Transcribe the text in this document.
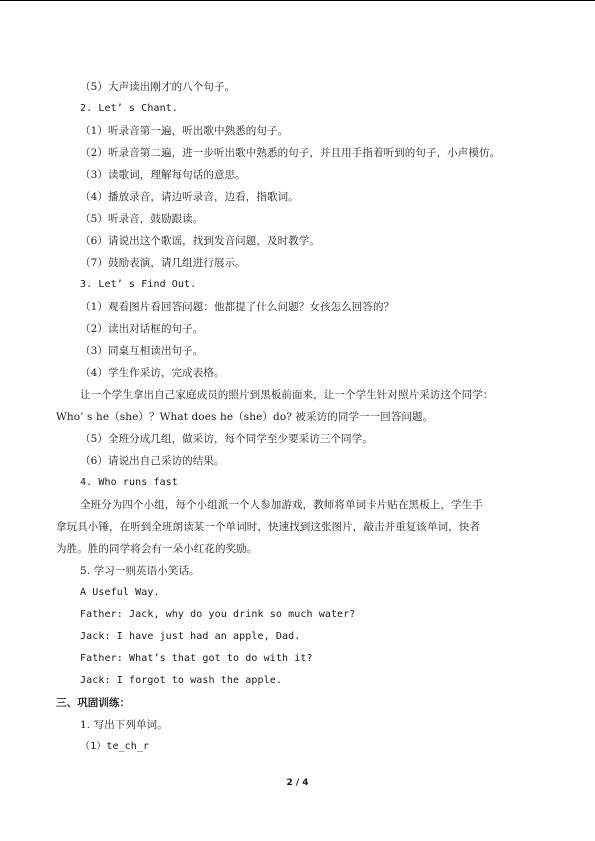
（5）大声读出刚才的八个句子。
2. Let’ s Chant.
（1）听录音第一遍，听出歌中熟悉的句子。
（2）听录音第二遍，进一步听出歌中熟悉的句子，并且用手指着听到的句子，小声模仿。
（3）读歌词，理解每句话的意思。
（4）播放录音，请边听录音，边看，指歌词。
（5）听录音，鼓励跟读。
（6）请说出这个歌谣，找到发音问题，及时教学。
（7）鼓励表演，请几组进行展示。
3. Let’ s Find Out.
（1）观看图片看回答问题：他都提了什么问题？女孩怎么回答的？
（2）读出对话框的句子。
（3）同桌互相读出句子。
（4）学生作采访，完成表格。
让一个学生拿出自己家庭成员的照片到黑板前面来，让一个学生针对照片采访这个同学：
Who’ s he（she）？What does he（she）do? 被采访的同学一一回答问题。
（5）全班分成几组，做采访，每个同学至少要采访三个同学。
（6）请说出自己采访的结果。
4. Who runs fast
全班分为四个小组，每个小组派一个人参加游戏，教师将单词卡片贴在黑板上，学生手
拿玩具小锤，在听到全班朗读某一个单词时，快速找到这张图片，敲击并重复该单词，快者
为胜。胜的同学将会有一朵小红花的奖励。
5. 学习一则英语小笑话。
A Useful Way.
Father: Jack, why do you drink so much water?
Jack: I have just had an apple, Dad.
Father: What’s that got to do with it?
Jack: I forgot to wash the apple.
三、巩固训练：
1. 写出下列单词。
（1）te_ch_r
2 / 4
